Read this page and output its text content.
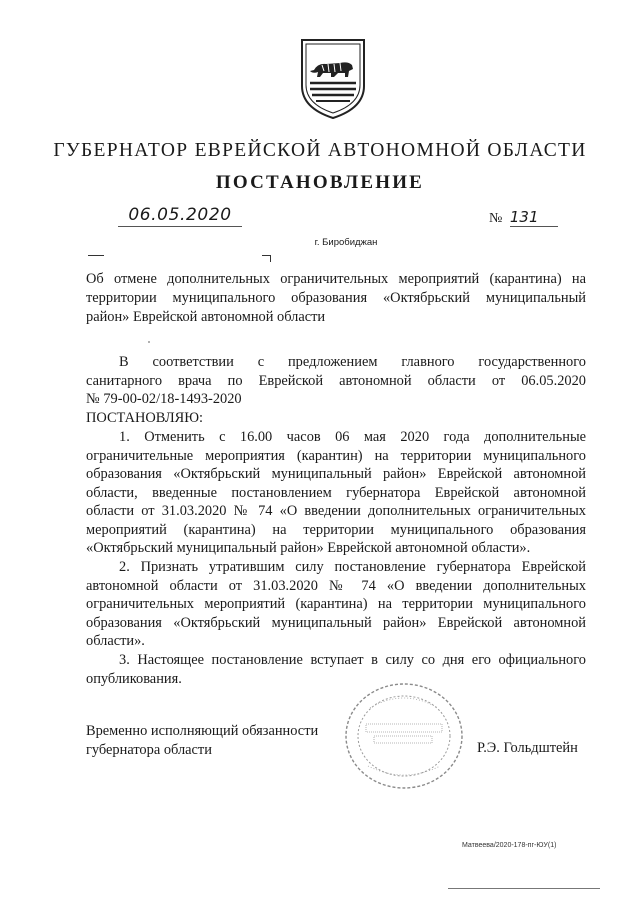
ГУБЕРНАТОР ЕВРЕЙСКОЙ АВТОНОМНОЙ ОБЛАСТИ
ПОСТАНОВЛЕНИЕ
06.05.2020	№ 131
г. Биробиджан
Об отмене дополнительных ограничительных мероприятий (карантина) на
территории муниципального образования «Октябрьский муниципальный
район» Еврейской автономной области
В соответствии с предложением главного государственного
санитарного врача по Еврейской автономной области от 06.05.2020
№ 79-00-02/18-1493-2020
ПОСТАНОВЛЯЮ:
1. Отменить с 16.00 часов 06 мая 2020 года дополнительные
ограничительные мероприятия (карантин) на территории муниципального
образования «Октябрьский муниципальный район» Еврейской автономной
области, введенные постановлением губернатора Еврейской автономной
области от 31.03.2020 № 74 «О введении дополнительных ограничительных
мероприятий (карантина) на территории муниципального образования
«Октябрьский муниципальный район» Еврейской автономной области».
2. Признать утратившим силу постановление губернатора Еврейской
автономной области от 31.03.2020 № 74 «О введении дополнительных
ограничительных мероприятий (карантина) на территории муниципального
образования «Октябрьский муниципальный район» Еврейской автономной
области».
3. Настоящее постановление вступает в силу со дня его официального
опубликования.
Временно исполняющий обязанности
губернатора области	Р.Э. Гольдштейн
Матвеева/2020-178-пг-ЮУ(1)
